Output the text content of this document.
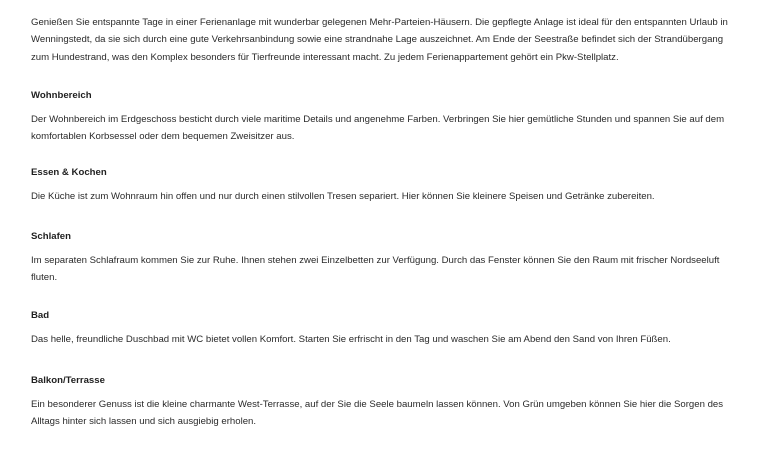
Genießen Sie entspannte Tage in einer Ferienanlage mit wunderbar gelegenen Mehr-Parteien-Häusern. Die gepflegte Anlage ist ideal für den entspannten Urlaub in Wenningstedt, da sie sich durch eine gute Verkehrsanbindung sowie eine strandnahe Lage auszeichnet. Am Ende der Seestraße befindet sich der Strandübergang zum Hundestrand, was den Komplex besonders für Tierfreunde interessant macht. Zu jedem Ferienappartement gehört ein Pkw-Stellplatz.

Wohnbereich

Der Wohnbereich im Erdgeschoss besticht durch viele maritime Details und angenehme Farben. Verbringen Sie hier gemütliche Stunden und spannen Sie auf dem komfortablen Korbsessel oder dem bequemen Zweisitzer aus.

Essen & Kochen

Die Küche ist zum Wohnraum hin offen und nur durch einen stilvollen Tresen separiert. Hier können Sie kleinere Speisen und Getränke zubereiten.

Schlafen

Im separaten Schlafraum kommen Sie zur Ruhe. Ihnen stehen zwei Einzelbetten zur Verfügung. Durch das Fenster können Sie den Raum mit frischer Nordseeluft fluten.

Bad

Das helle, freundliche Duschbad mit WC bietet vollen Komfort. Starten Sie erfrischt in den Tag und waschen Sie am Abend den Sand von Ihren Füßen.

Balkon/Terrasse

Ein besonderer Genuss ist die kleine charmante West-Terrasse, auf der Sie die Seele baumeln lassen können. Von Grün umgeben können Sie hier die Sorgen des Alltags hinter sich lassen und sich ausgiebig erholen.
